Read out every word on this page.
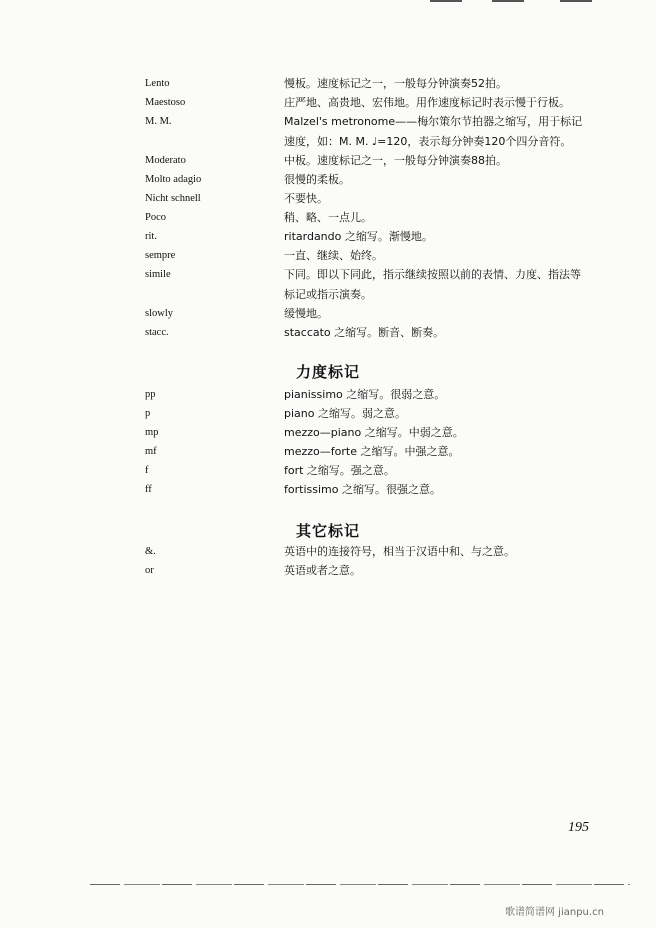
Lento	慢板。速度标记之一，一般每分钟演奏52拍。
Maestoso	庄严地、高贵地、宏伟地。用作速度标记时表示慢于行板。
M. M.	Malzel's metronome——梅尔策尔节拍器之缩写，用于标记
速度，如：M. M. ♩=120，表示每分钟奏120个四分音符。
Moderato	中板。速度标记之一，一般每分钟演奏88拍。
Molto adagio	很慢的柔板。
Nicht schnell	不要快。
Poco	稍、略、一点儿。
rit.	ritardando 之缩写。渐慢地。
sempre	一直、继续、始终。
simile	下同。即以下同此，指示继续按照以前的表情、力度、指法等
标记或指示演奏。
slowly	缓慢地。
stacc.	staccato 之缩写。断音、断奏。
力度标记
pp	pianissimo 之缩写。很弱之意。
p	piano 之缩写。弱之意。
mp	mezzo—piano 之缩写。中弱之意。
mf	mezzo—forte 之缩写。中强之意。
f	fort 之缩写。强之意。
ff	fortissimo 之缩写。很强之意。
其它标记
&.	英语中的连接符号，相当于汉语中和、与之意。
or	英语或者之意。
195
歌谱简谱网 jianpu.cn
